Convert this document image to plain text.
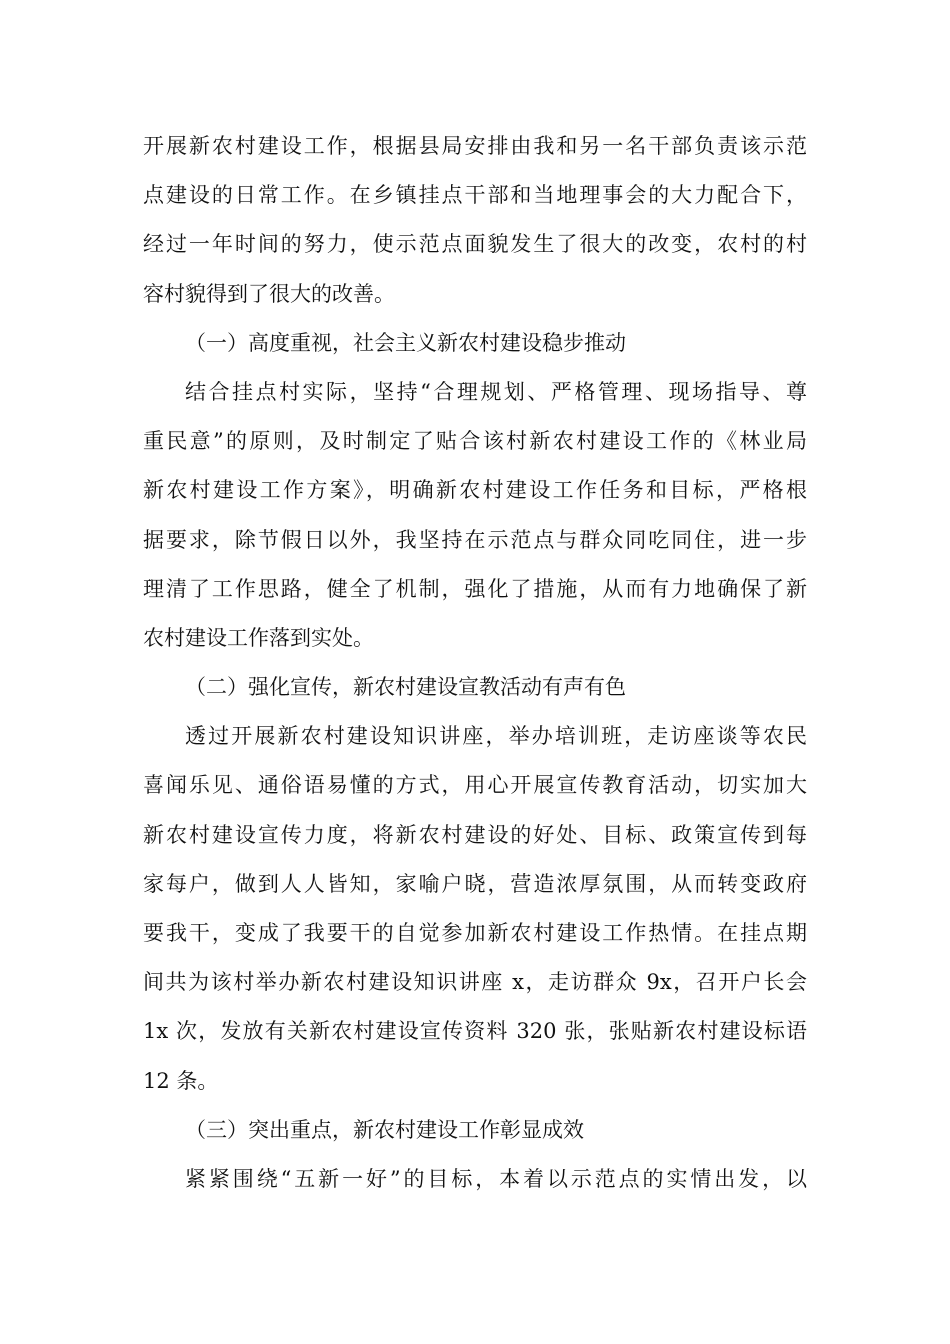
开展新农村建设工作，根据县局安排由我和另一名干部负责该示范
点建设的日常工作。在乡镇挂点干部和当地理事会的大力配合下，
经过一年时间的努力，使示范点面貌发生了很大的改变，农村的村
容村貌得到了很大的改善。
（一）高度重视，社会主义新农村建设稳步推动
结合挂点村实际，坚持“合理规划、严格管理、现场指导、尊
重民意”的原则，及时制定了贴合该村新农村建设工作的《林业局
新农村建设工作方案》，明确新农村建设工作任务和目标，严格根
据要求，除节假日以外，我坚持在示范点与群众同吃同住，进一步
理清了工作思路，健全了机制，强化了措施，从而有力地确保了新
农村建设工作落到实处。
（二）强化宣传，新农村建设宣教活动有声有色
透过开展新农村建设知识讲座，举办培训班，走访座谈等农民
喜闻乐见、通俗语易懂的方式，用心开展宣传教育活动，切实加大
新农村建设宣传力度，将新农村建设的好处、目标、政策宣传到每
家每户，做到人人皆知，家喻户晓，营造浓厚氛围，从而转变政府
要我干，变成了我要干的自觉参加新农村建设工作热情。在挂点期
间共为该村举办新农村建设知识讲座 x，走访群众 9x，召开户长会
1x 次，发放有关新农村建设宣传资料 320 张，张贴新农村建设标语
12 条。
（三）突出重点，新农村建设工作彰显成效
紧紧围绕“五新一好”的目标，本着以示范点的实情出发，以
